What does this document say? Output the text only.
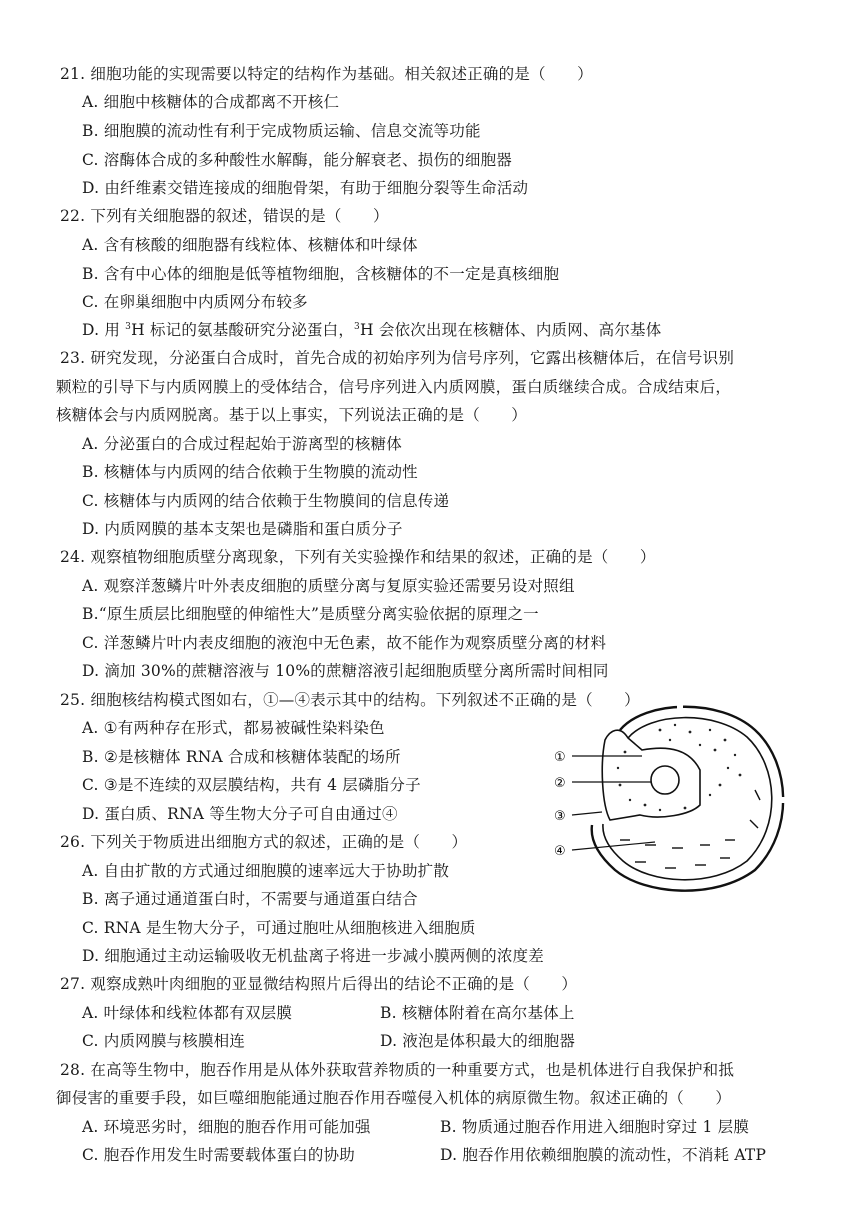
21. 细胞功能的实现需要以特定的结构作为基础。相关叙述正确的是（　　）
A. 细胞中核糖体的合成都离不开核仁
B. 细胞膜的流动性有利于完成物质运输、信息交流等功能
C. 溶酶体合成的多种酸性水解酶，能分解衰老、损伤的细胞器
D. 由纤维素交错连接成的细胞骨架，有助于细胞分裂等生命活动
22. 下列有关细胞器的叙述，错误的是（　　）
A. 含有核酸的细胞器有线粒体、核糖体和叶绿体
B. 含有中心体的细胞是低等植物细胞，含核糖体的不一定是真核细胞
C. 在卵巢细胞中内质网分布较多
D. 用 $^3$H 标记的氨基酸研究分泌蛋白，$^3$H 会依次出现在核糖体、内质网、高尔基体
23. 研究发现，分泌蛋白合成时，首先合成的初始序列为信号序列，它露出核糖体后，在信号识别
颗粒的引导下与内质网膜上的受体结合，信号序列进入内质网膜，蛋白质继续合成。合成结束后，
核糖体会与内质网脱离。基于以上事实，下列说法正确的是（　　）
A. 分泌蛋白的合成过程起始于游离型的核糖体
B. 核糖体与内质网的结合依赖于生物膜的流动性
C. 核糖体与内质网的结合依赖于生物膜间的信息传递
D. 内质网膜的基本支架也是磷脂和蛋白质分子
24. 观察植物细胞质壁分离现象，下列有关实验操作和结果的叙述，正确的是（　　）
A. 观察洋葱鳞片叶外表皮细胞的质壁分离与复原实验还需要另设对照组
B.“原生质层比细胞壁的伸缩性大”是质壁分离实验依据的原理之一
C. 洋葱鳞片叶内表皮细胞的液泡中无色素，故不能作为观察质壁分离的材料
D. 滴加 30%的蔗糖溶液与 10%的蔗糖溶液引起细胞质壁分离所需时间相同
25. 细胞核结构模式图如右，①—④表示其中的结构。下列叙述不正确的是（　　）
A. ①有两种存在形式，都易被碱性染料染色
B. ②是核糖体 RNA 合成和核糖体装配的场所
C. ③是不连续的双层膜结构，共有 4 层磷脂分子
D. 蛋白质、RNA 等生物大分子可自由通过④
①
②
③
④
26. 下列关于物质进出细胞方式的叙述，正确的是（　　）
A. 自由扩散的方式通过细胞膜的速率远大于协助扩散
B. 离子通过通道蛋白时，不需要与通道蛋白结合
C. RNA 是生物大分子，可通过胞吐从细胞核进入细胞质
D. 细胞通过主动运输吸收无机盐离子将进一步减小膜两侧的浓度差
27. 观察成熟叶肉细胞的亚显微结构照片后得出的结论不正确的是（　　）
A. 叶绿体和线粒体都有双层膜	B. 核糖体附着在高尔基体上
C. 内质网膜与核膜相连	D. 液泡是体积最大的细胞器
28. 在高等生物中，胞吞作用是从体外获取营养物质的一种重要方式，也是机体进行自我保护和抵
御侵害的重要手段，如巨噬细胞能通过胞吞作用吞噬侵入机体的病原微生物。叙述正确的（　　）
A. 环境恶劣时，细胞的胞吞作用可能加强	B. 物质通过胞吞作用进入细胞时穿过 1 层膜
C. 胞吞作用发生时需要载体蛋白的协助	D. 胞吞作用依赖细胞膜的流动性，不消耗 ATP
